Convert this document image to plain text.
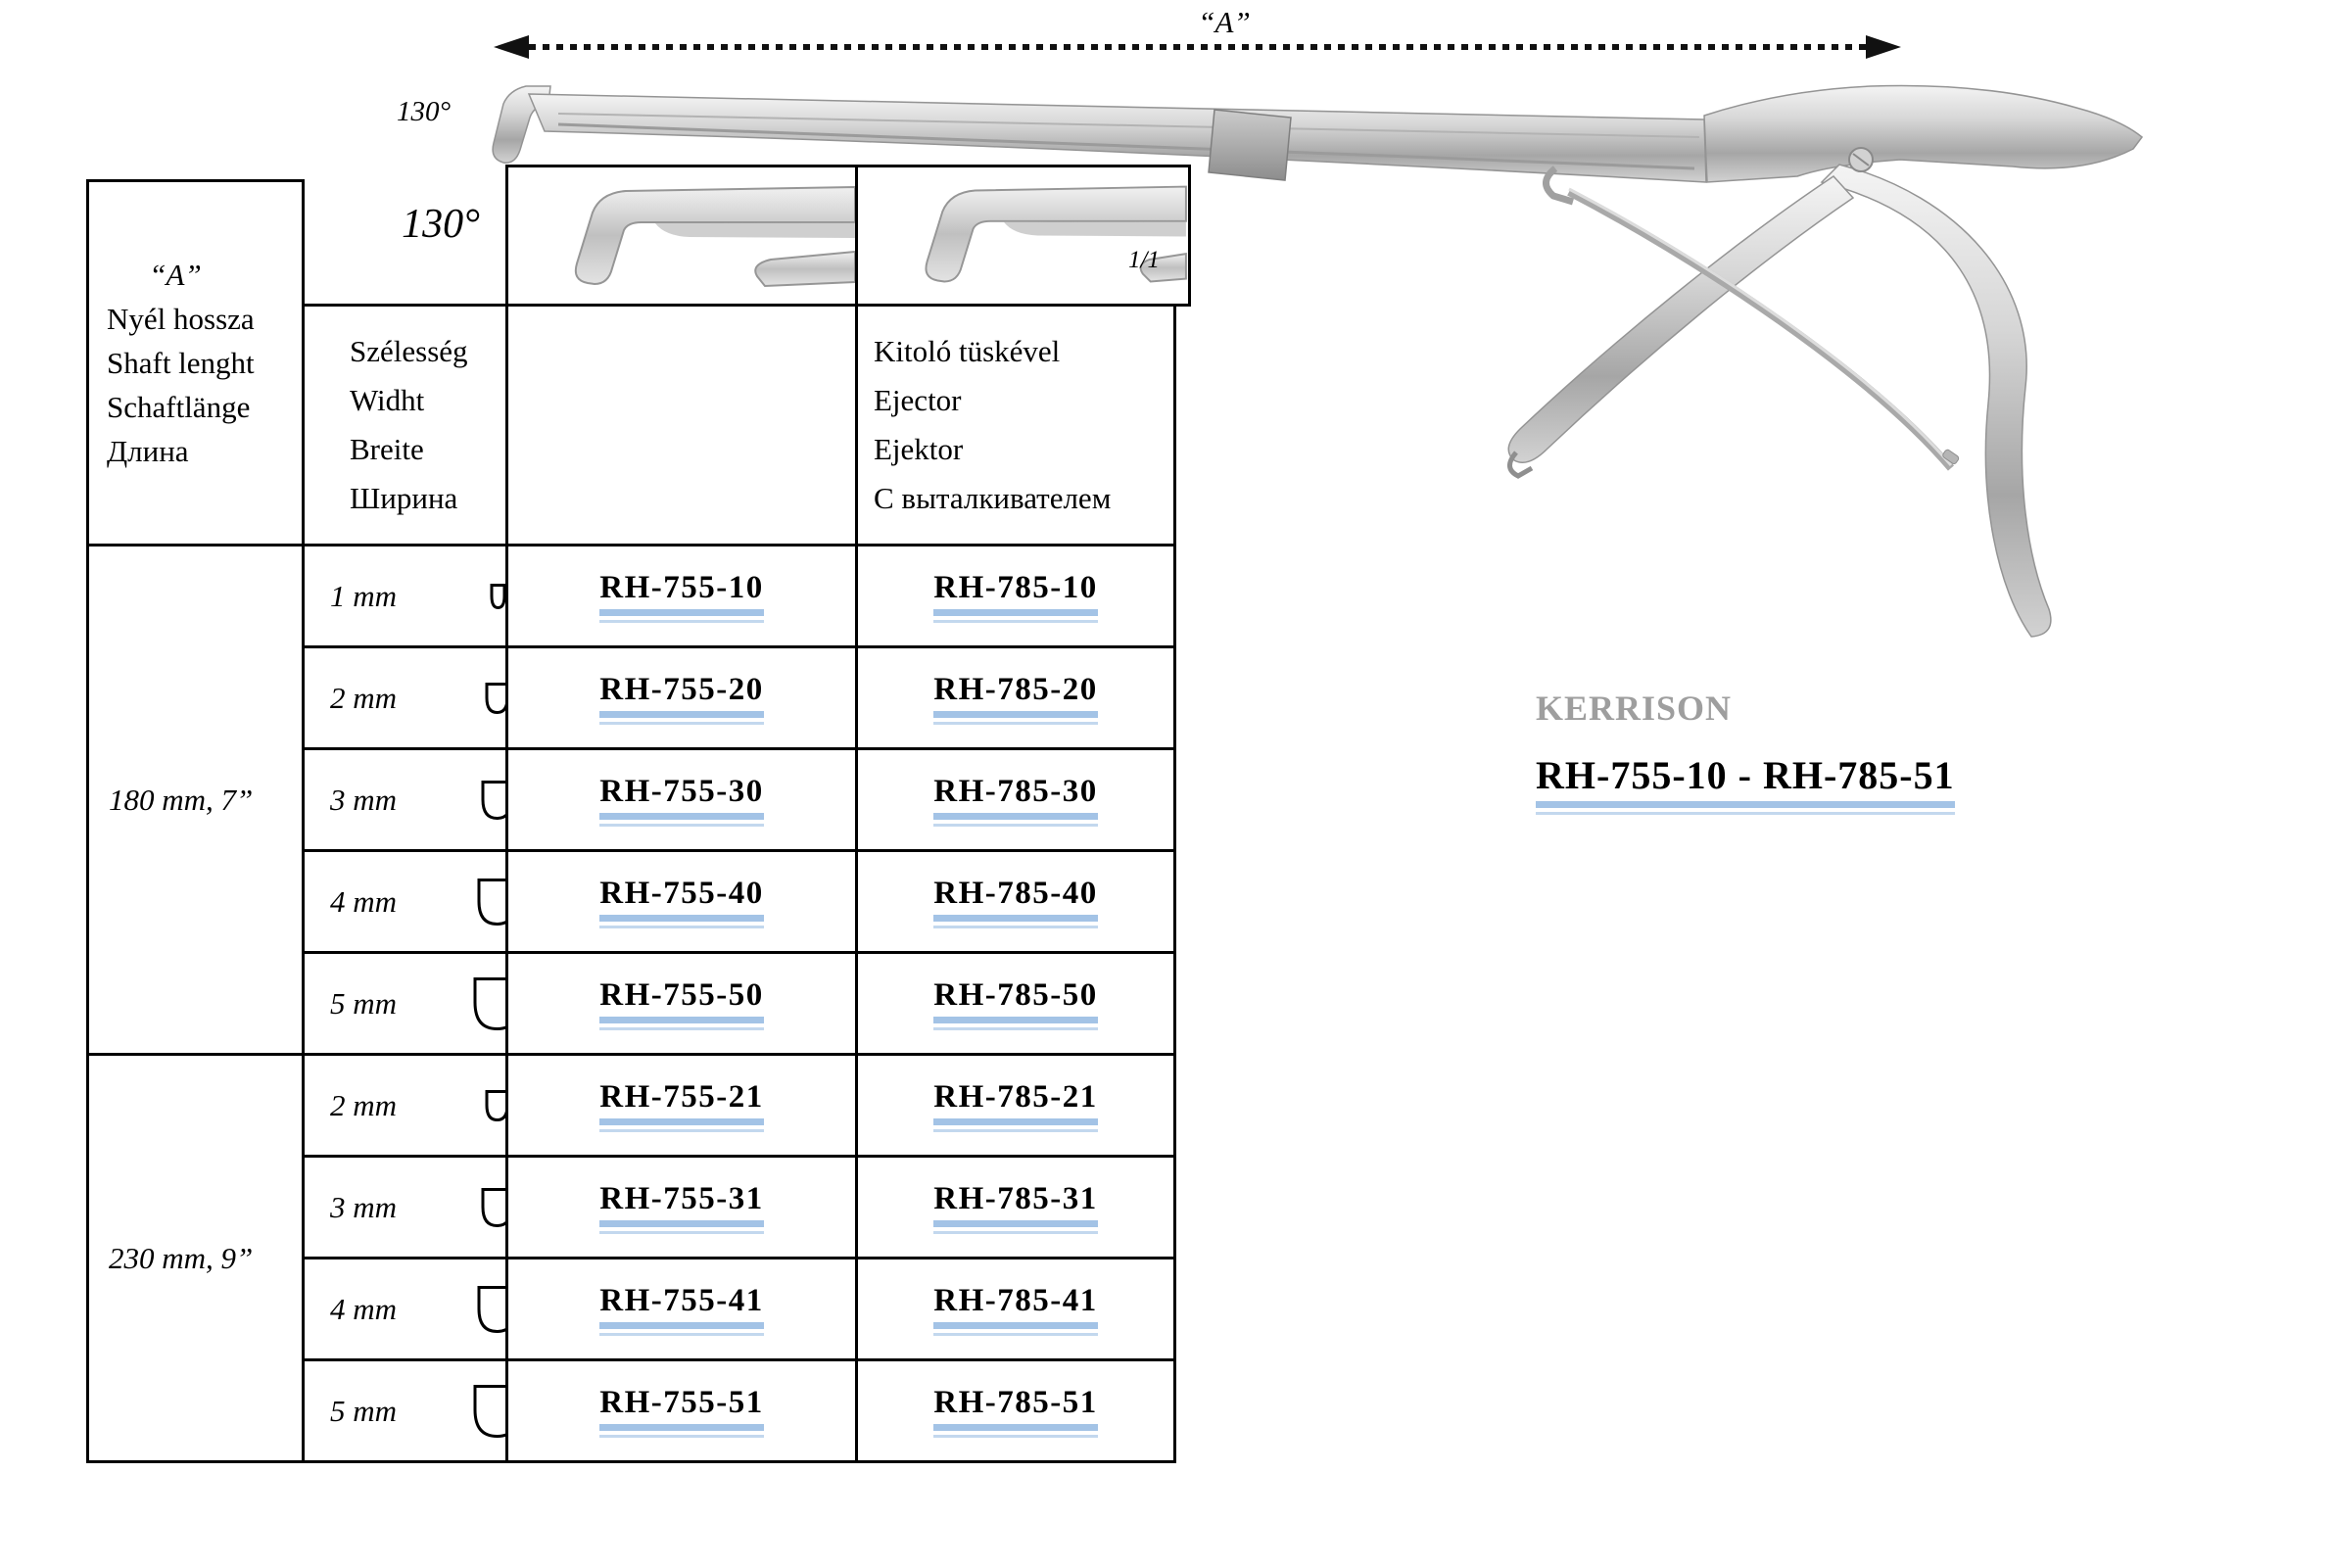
“A”
130°
130°
KERRISON
RH-755-10 - RH-785-51
1/1
“A”
Nyél hossza
Shaft lenght
Schaftlänge
Длина
Szélesség
Widht
Breite
Ширина
Kitoló tüskével
Ejector
Ejektor
С выталкивателем
180 mm, 7”
230 mm, 9”
1 mm	RH-755-10	RH-785-10
2 mm	RH-755-20	RH-785-20
3 mm	RH-755-30	RH-785-30
4 mm	RH-755-40	RH-785-40
5 mm	RH-755-50	RH-785-50
2 mm	RH-755-21	RH-785-21
3 mm	RH-755-31	RH-785-31
4 mm	RH-755-41	RH-785-41
5 mm	RH-755-51	RH-785-51
